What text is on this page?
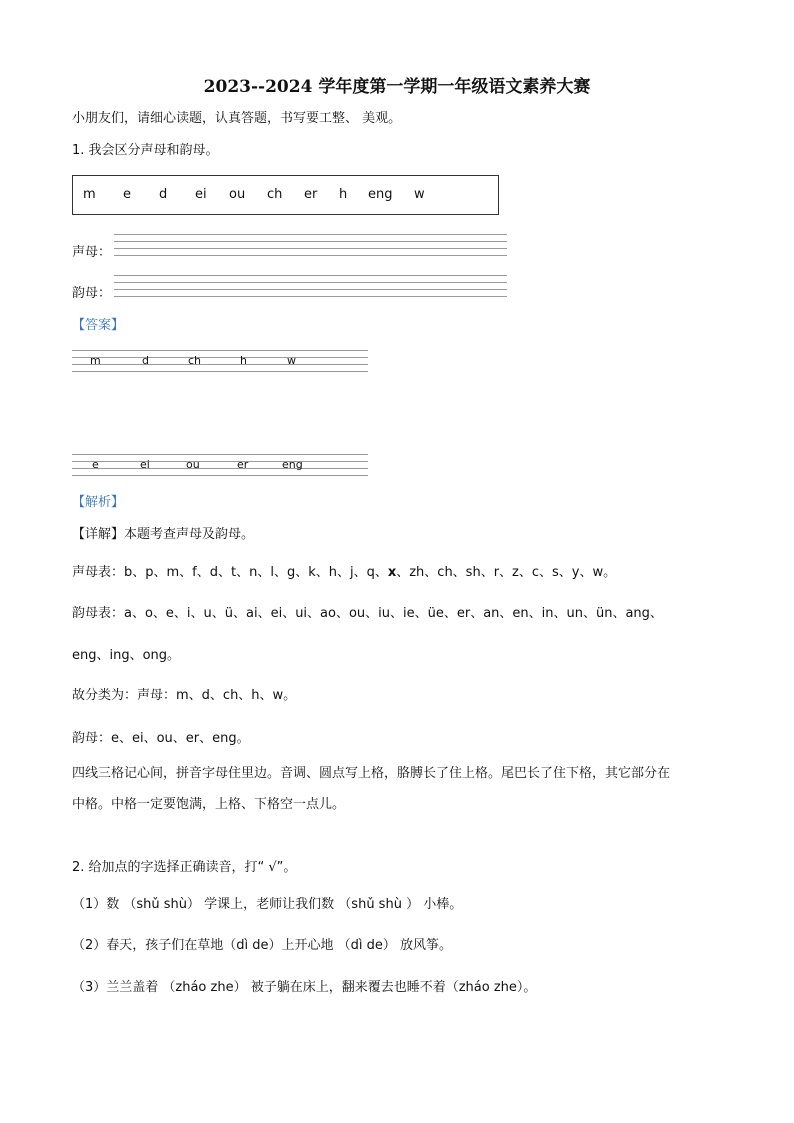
2023--2024 学年度第一学期一年级语文素养大赛
小朋友们，请细心读题，认真答题，书写要工整、 美观。
1. 我会区分声母和韵母。
m e d ei ou ch er h eng w
声母：
韵母：
【答案】
m	d	ch	h	w
e	ei	ou	er	eng
【解析】
【详解】本题考查声母及韵母。
声母表：b、p、m、f、d、t、n、l、g、k、h、j、q、x、zh、ch、sh、r、z、c、s、y、w。
韵母表：a、o、e、i、u、ü、ai、ei、ui、ao、ou、iu、ie、üe、er、an、en、in、un、ün、ang、
eng、ing、ong。
故分类为：声母：m、d、ch、h、w。
韵母：e、ei、ou、er、eng。
四线三格记心间，拼音字母住里边。音调、圆点写上格，胳膊长了住上格。尾巴长了住下格，其它部分在
中格。中格一定要饱满，上格、下格空一点儿。
2. 给加点的字选择正确读音，打“ √”。
（1）数 （shǔ shù） 学课上，老师让我们数 （shǔ shù ） 小棒。
（2）春天，孩子们在草地（dì de）上开心地 （dì de） 放风筝。
（3）兰兰盖着 （zháo zhe） 被子躺在床上，翻来覆去也睡不着（zháo zhe）。
